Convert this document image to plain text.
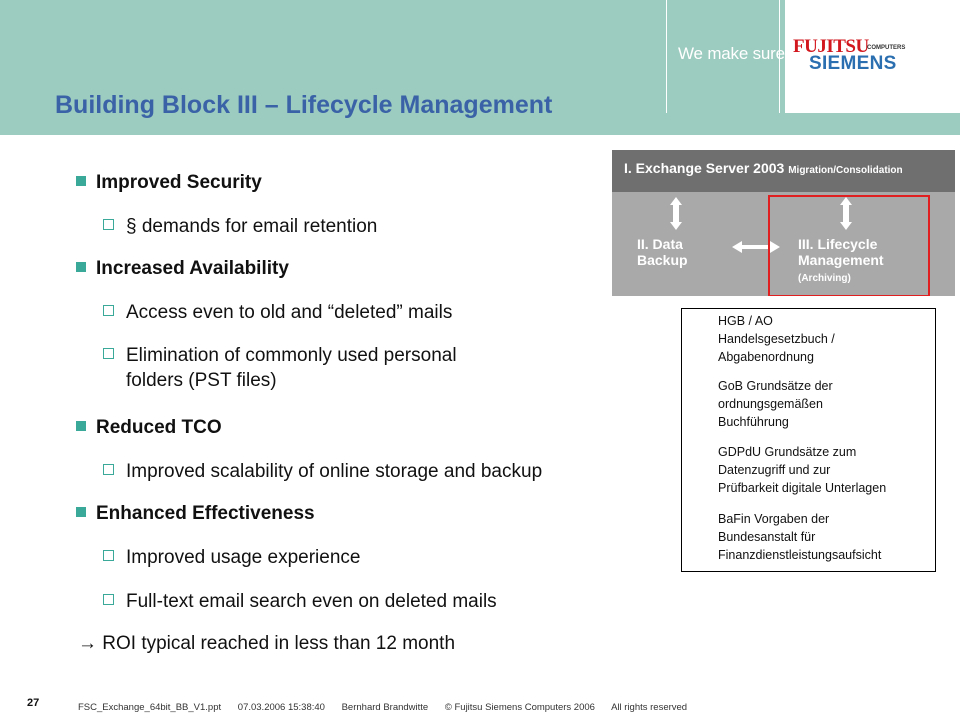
We make sure FUJITSU
COMPUTERS
SIEMENS
Building Block III – Lifecycle Management
Improved Security
§ demands for email retention
Increased Availability
Access even to old and “deleted” mails
Elimination of commonly used personal
folders (PST files)
Reduced TCO
Improved scalability of online storage and backup
Enhanced Effectiveness
Improved usage experience
Full-text email search even on deleted mails
→ ROI typical reached in less than 12 month
I. Exchange Server 2003 Migration/Consolidation
II. Data
Backup
III. Lifecycle
Management
(Archiving)
HGB / AO
Handelsgesetzbuch /
Abgabenordnung
GoB Grundsätze der
ordnungsgemäßen
Buchführung
GDPdU Grundsätze zum
Datenzugriff und zur
Prüfbarkeit digitale Unterlagen
BaFin Vorgaben der
Bundesanstalt für
Finanzdienstleistungsaufsicht
27	FSC_Exchange_64bit_BB_V1.ppt 07.03.2006 15:38:40 Bernhard Brandwitte © Fujitsu Siemens Computers 2006 All rights reserved
